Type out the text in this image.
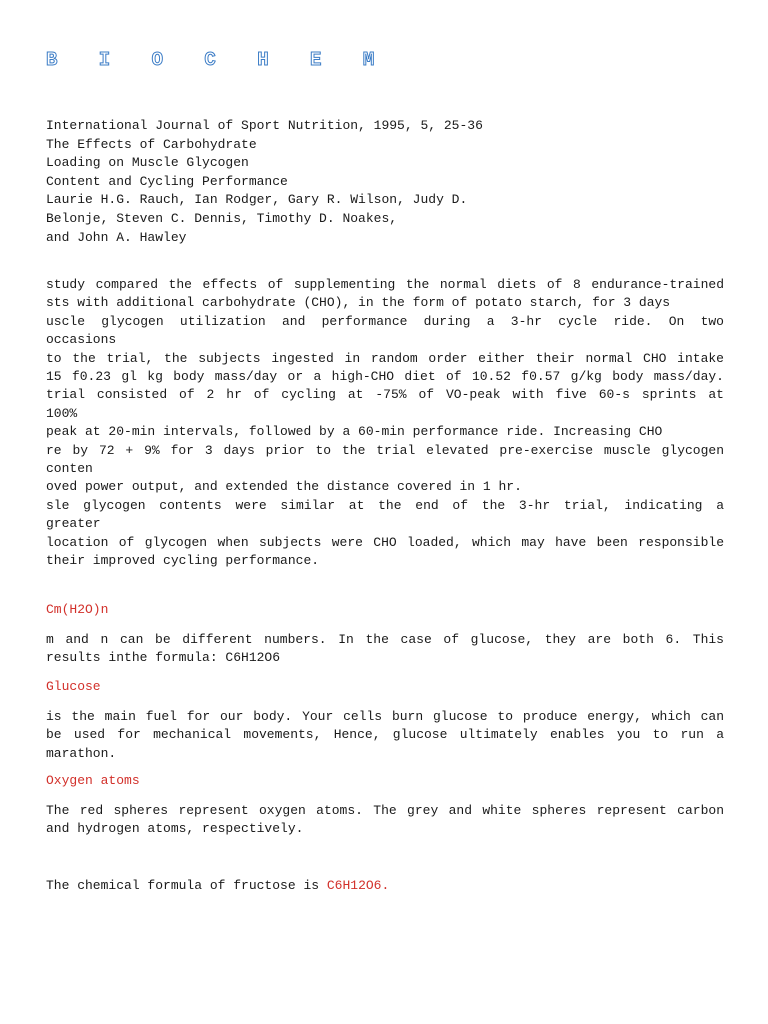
B I O C H E M
International Journal of Sport Nutrition, 1995, 5, 25-36
The Effects of Carbohydrate
Loading on Muscle Glycogen
Content and Cycling Performance
Laurie H.G. Rauch, Ian Rodger, Gary R. Wilson, Judy D.
Belonje, Steven C. Dennis, Timothy D. Noakes,
and John A. Hawley
study compared the effects of supplementing the normal diets of 8 endurance-trained
sts with additional carbohydrate (CHO), in the form of potato starch, for 3 days
uscle glycogen utilization and performance during a 3-hr cycle ride. On two
occasions
to the trial, the subjects ingested in random order either their normal CHO intake
15 f0.23 gl kg body mass/day or a high-CHO diet of 10.52 f0.57 g/kg body mass/day.
trial consisted of 2 hr of cycling at -75% of VO-peak with five 60-s sprints at
100%
peak at 20-min intervals, followed by a 60-min performance ride. Increasing CHO
re by 72 + 9% for 3 days prior to the trial elevated pre-exercise muscle glycogen
conten
oved power output, and extended the distance covered in 1 hr.
sle glycogen contents were similar at the end of the 3-hr trial, indicating a
greater
location of glycogen when subjects were CHO loaded, which may have been responsible
their improved cycling performance.
Cm(H2O)n
m and n can be different numbers. In the case of glucose, they are both 6. This
results inthe formula: C6H12O6
Glucose
is the main fuel for our body. Your cells burn glucose to produce energy, which can
be used for mechanical movements, Hence, glucose ultimately enables you to run a
marathon.
Oxygen atoms
The red spheres represent oxygen atoms. The grey and white spheres represent carbon
and hydrogen atoms, respectively.
The chemical formula of fructose is C6H12O6.
